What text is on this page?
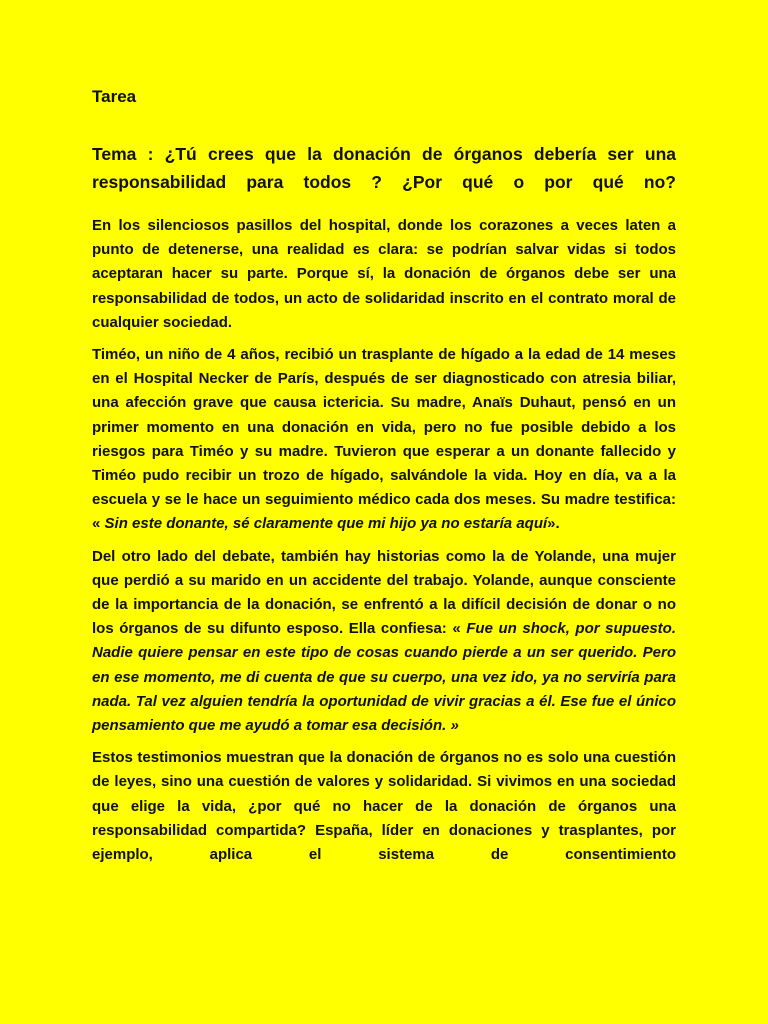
Tarea
Tema : ¿Tú crees que la donación de órganos debería ser una responsabilidad para todos ? ¿Por qué o por qué no?

En los silenciosos pasillos del hospital, donde los corazones a veces laten a punto de detenerse, una realidad es clara: se podrían salvar vidas si todos aceptaran hacer su parte. Porque sí, la donación de órganos debe ser una responsabilidad de todos, un acto de solidaridad inscrito en el contrato moral de cualquier sociedad.

Timéo, un niño de 4 años, recibió un trasplante de hígado a la edad de 14 meses en el Hospital Necker de París, después de ser diagnosticado con atresia biliar, una afección grave que causa ictericia. Su madre, Anaïs Duhaut, pensó en un primer momento en una donación en vida, pero no fue posible debido a los riesgos para Timéo y su madre. Tuvieron que esperar a un donante fallecido y Timéo pudo recibir un trozo de hígado, salvándole la vida. Hoy en día, va a la escuela y se le hace un seguimiento médico cada dos meses. Su madre testifica: « Sin este donante, sé claramente que mi hijo ya no estaría aquí».

Del otro lado del debate, también hay historias como la de Yolande, una mujer que perdió a su marido en un accidente del trabajo. Yolande, aunque consciente de la importancia de la donación, se enfrentó a la difícil decisión de donar o no los órganos de su difunto esposo. Ella confiesa: « Fue un shock, por supuesto. Nadie quiere pensar en este tipo de cosas cuando pierde a un ser querido. Pero en ese momento, me di cuenta de que su cuerpo, una vez ido, ya no serviría para nada. Tal vez alguien tendría la oportunidad de vivir gracias a él. Ese fue el único pensamiento que me ayudó a tomar esa decisión. »

Estos testimonios muestran que la donación de órganos no es solo una cuestión de leyes, sino una cuestión de valores y solidaridad. Si vivimos en una sociedad que elige la vida, ¿por qué no hacer de la donación de órganos una responsabilidad compartida? España, líder en donaciones y trasplantes, por ejemplo, aplica el sistema de consentimiento
